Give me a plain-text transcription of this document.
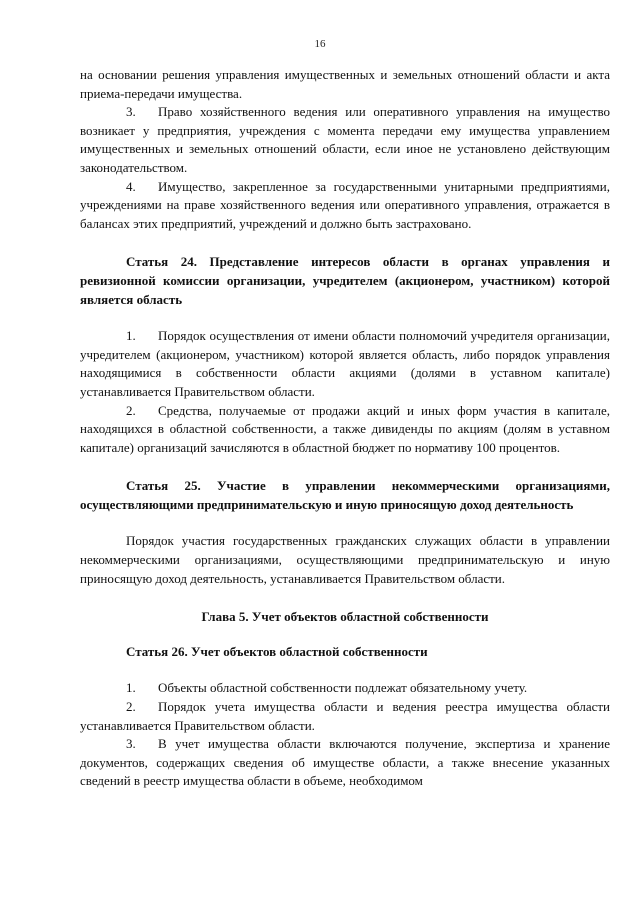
16

на основании решения управления имущественных и земельных отношений области и акта приема-передачи имущества.

3. Право хозяйственного ведения или оперативного управления на имущество возникает у предприятия, учреждения с момента передачи ему имущества управлением имущественных и земельных отношений области, если иное не установлено действующим законодательством.

4. Имущество, закрепленное за государственными унитарными предприятиями, учреждениями на праве хозяйственного ведения или оперативного управления, отражается в балансах этих предприятий, учреждений и должно быть застраховано.

Статья 24. Представление интересов области в органах управления и ревизионной комиссии организации, учредителем (акционером, участником) которой является область

1. Порядок осуществления от имени области полномочий учредителя организации, учредителем (акционером, участником) которой является область, либо порядок управления находящимися в собственности области акциями (долями в уставном капитале) устанавливается Правительством области.

2. Средства, получаемые от продажи акций и иных форм участия в капитале, находящихся в областной собственности, а также дивиденды по акциям (долям в уставном капитале) организаций зачисляются в областной бюджет по нормативу 100 процентов.

Статья 25. Участие в управлении некоммерческими организациями, осуществляющими предпринимательскую и иную приносящую доход деятельность

Порядок участия государственных гражданских служащих области в управлении некоммерческими организациями, осуществляющими предпринимательскую и иную приносящую доход деятельность, устанавливается Правительством области.

Глава 5. Учет объектов областной собственности

Статья 26. Учет объектов областной собственности

1. Объекты областной собственности подлежат обязательному учету.

2. Порядок учета имущества области и ведения реестра имущества области устанавливается Правительством области.

3. В учет имущества области включаются получение, экспертиза и хранение документов, содержащих сведения об имуществе области, а также внесение указанных сведений в реестр имущества области в объеме, необходимом
